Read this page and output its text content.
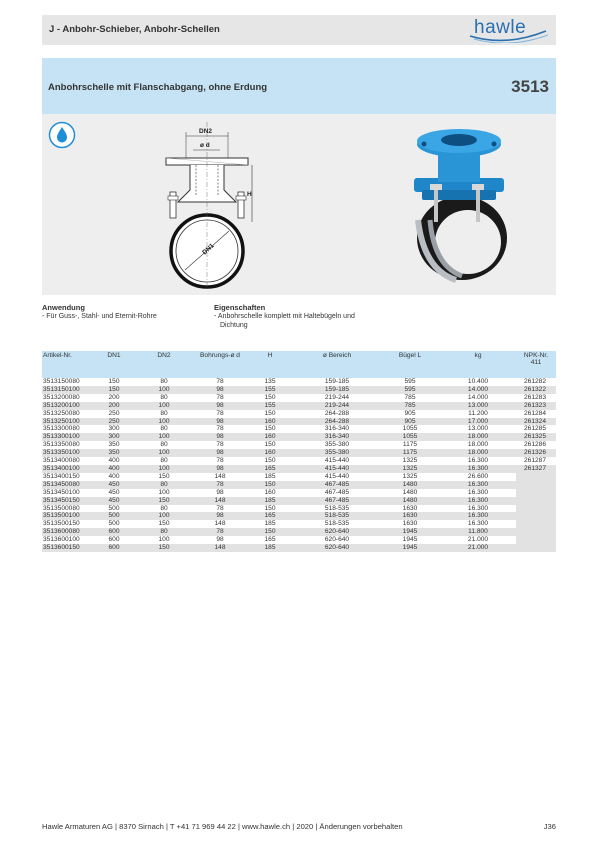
J - Anbohr-Schieber, Anbohr-Schellen	hawle
Anbohrschelle mit Flanschabgang, ohne Erdung	3513
DN2
ø d
H
DN1
Anwendung
- Für Guss-, Stahl- und Eternit-Rohre
Eigenschaften
- Anbohrschelle komplett mit Haltebügeln und
Dichtung
Artikel-Nr.	DN1	DN2	Bohrungs-ø d	H	ø Bereich	Bügel L	kg	NPK-Nr.
411
3513150080	150	80	78	135	159-185	595	10.400	261282
3513150100	150	100	98	155	159-185	595	14.000	261322
3513200080	200	80	78	150	219-244	785	14.000	261283
3513200100	200	100	98	155	219-244	785	13.000	261323
3513250080	250	80	78	150	264-288	905	11.200	261284
3513250100	250	100	98	160	264-288	905	17.000	261324
3513300080	300	80	78	150	316-340	1055	13.000	261285
3513300100	300	100	98	160	316-340	1055	18.000	261325
3513350080	350	80	78	150	355-380	1175	18.000	261286
3513350100	350	100	98	160	355-380	1175	18.000	261326
3513400080	400	80	78	150	415-440	1325	16.300	261287
3513400100	400	100	98	165	415-440	1325	16.300	261327
3513400150	400	150	148	185	415-440	1325	26.600	
3513450080	450	80	78	150	467-485	1480	16.300	
3513450100	450	100	98	160	467-485	1480	16.300	
3513450150	450	150	148	185	467-485	1480	16.300	
3513500080	500	80	78	150	518-535	1630	16.300	
3513500100	500	100	98	165	518-535	1630	16.300	
3513500150	500	150	148	185	518-535	1630	16.300	
3513600080	600	80	78	150	620-640	1945	11.800	
3513600100	600	100	98	165	620-640	1945	21.000	
3513600150	600	150	148	185	620-640	1945	21.000	
Hawle Armaturen AG | 8370 Sirnach | T +41 71 969 44 22 | www.hawle.ch | 2020 | Änderungen vorbehalten	J36
